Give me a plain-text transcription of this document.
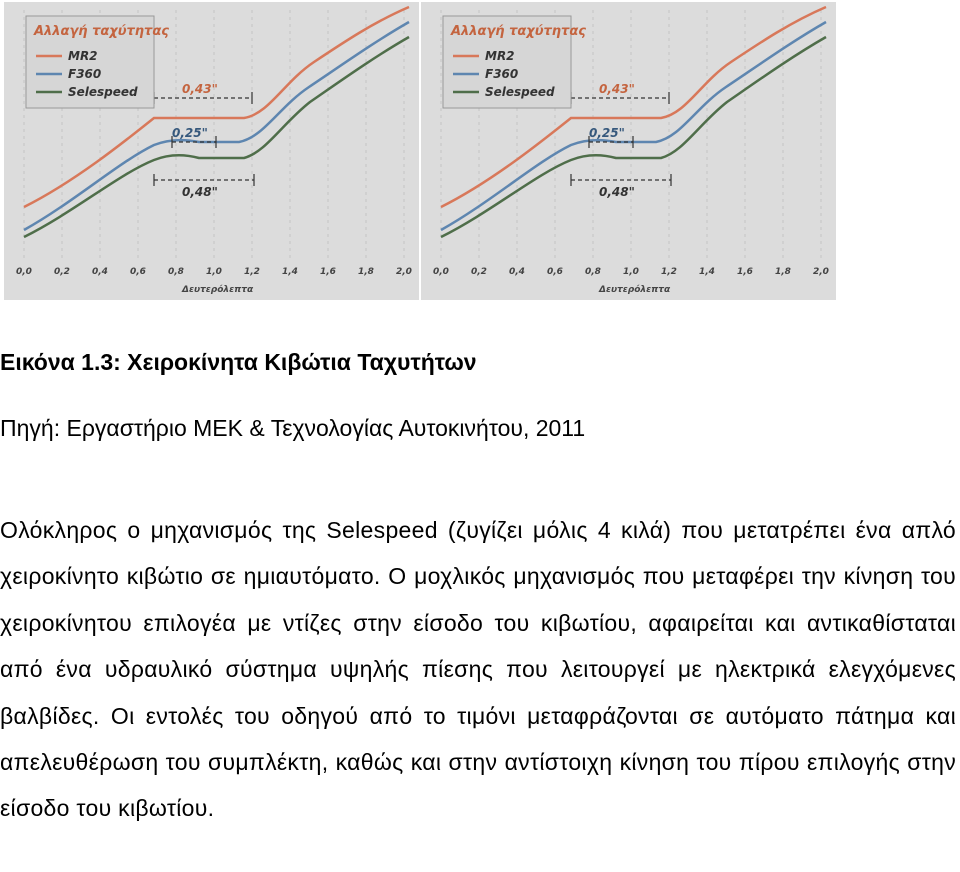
0,43"
0,25"
0,48"
Αλλαγή ταχύτητας
MR2
F360
Selespeed
0,0 0,2 0,4 0,6 0,8 1,0 1,2 1,4 1,6 1,8 2,0
Δευτερόλεπτα
0,43"
0,25"
0,48"
Αλλαγή ταχύτητας
MR2
F360
Selespeed
0,0 0,2 0,4 0,6 0,8 1,0 1,2 1,4 1,6 1,8 2,0
Δευτερόλεπτα
Εικόνα 1.3: Χειροκίνητα Κιβώτια Ταχυτήτων
Πηγή: Εργαστήριο ΜΕΚ & Τεχνολογίας Αυτοκινήτου, 2011
Ολόκληρος ο μηχανισμός της Selespeed (ζυγίζει μόλις 4 κιλά) που μετατρέπει ένα απλό χειροκίνητο κιβώτιο σε ημιαυτόματο. Ο μοχλικός μηχανισμός που μεταφέρει την κίνηση του χειροκίνητου επιλογέα με ντίζες στην είσοδο του κιβωτίου, αφαιρείται και αντικαθίσταται από ένα υδραυλικό σύστημα υψηλής πίεσης που λειτουργεί με ηλεκτρικά ελεγχόμενες βαλβίδες. Οι εντολές του οδηγού από το τιμόνι μεταφράζονται σε αυτόματο πάτημα και απελευθέρωση του συμπλέκτη, καθώς και στην αντίστοιχη κίνηση του πίρου επιλογής στην είσοδο του κιβωτίου.
